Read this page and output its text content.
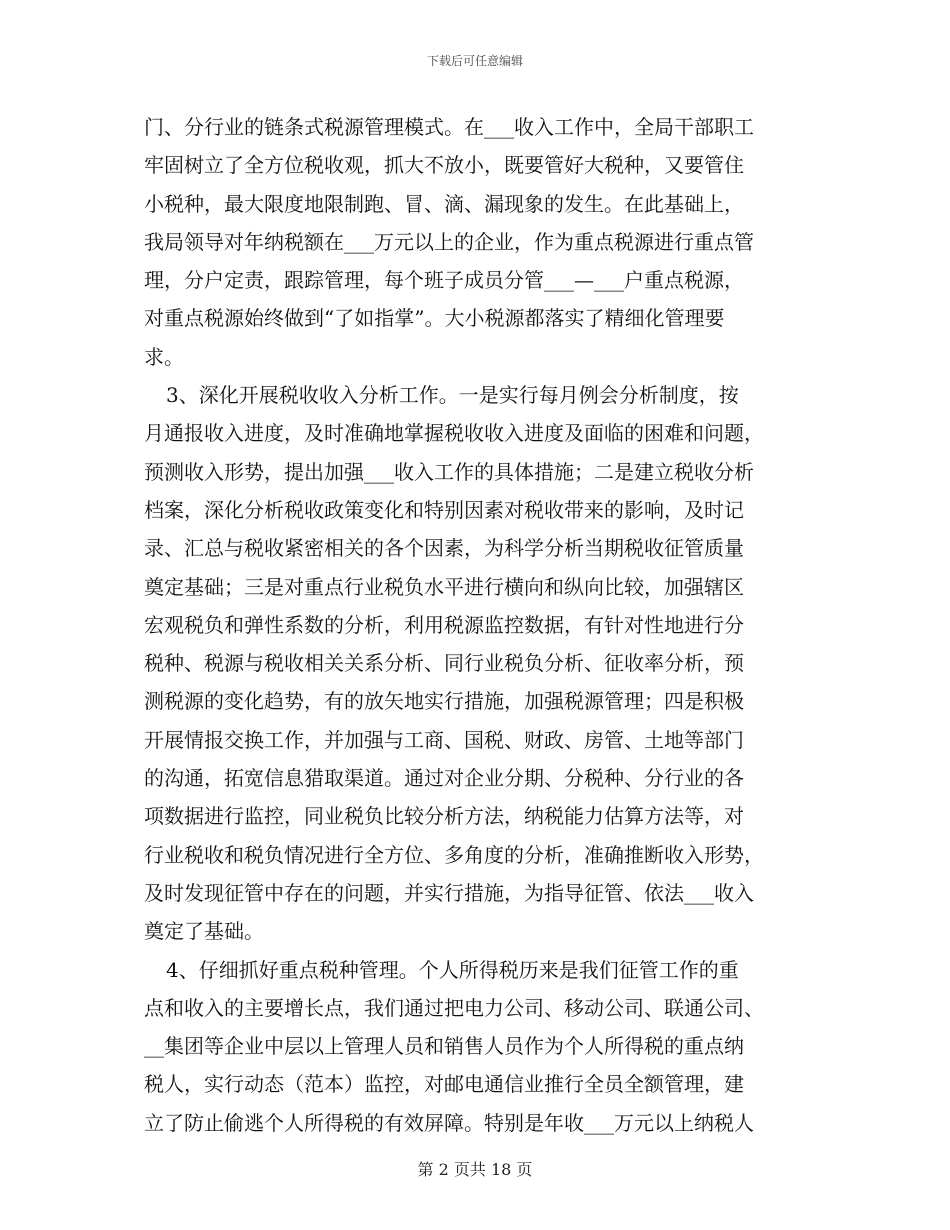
下载后可任意编辑
门、分行业的链条式税源管理模式。在___收入工作中，全局干部职工
牢固树立了全方位税收观，抓大不放小，既要管好大税种，又要管住
小税种，最大限度地限制跑、冒、滴、漏现象的发生。在此基础上，
我局领导对年纳税额在___万元以上的企业，作为重点税源进行重点管
理，分户定责，跟踪管理，每个班子成员分管___—___户重点税源，
对重点税源始终做到“了如指掌”。大小税源都落实了精细化管理要
求。
3、深化开展税收收入分析工作。一是实行每月例会分析制度，按
月通报收入进度，及时准确地掌握税收收入进度及面临的困难和问题，
预测收入形势，提出加强___收入工作的具体措施；二是建立税收分析
档案，深化分析税收政策变化和特别因素对税收带来的影响，及时记
录、汇总与税收紧密相关的各个因素，为科学分析当期税收征管质量
奠定基础；三是对重点行业税负水平进行横向和纵向比较，加强辖区
宏观税负和弹性系数的分析，利用税源监控数据，有针对性地进行分
税种、税源与税收相关关系分析、同行业税负分析、征收率分析，预
测税源的变化趋势，有的放矢地实行措施，加强税源管理；四是积极
开展情报交换工作，并加强与工商、国税、财政、房管、土地等部门
的沟通，拓宽信息猎取渠道。通过对企业分期、分税种、分行业的各
项数据进行监控，同业税负比较分析方法，纳税能力估算方法等，对
行业税收和税负情况进行全方位、多角度的分析，准确推断收入形势，
及时发现征管中存在的问题，并实行措施，为指导征管、依法___收入
奠定了基础。
4、仔细抓好重点税种管理。个人所得税历来是我们征管工作的重
点和收入的主要增长点，我们通过把电力公司、移动公司、联通公司、
__集团等企业中层以上管理人员和销售人员作为个人所得税的重点纳
税人，实行动态（范本）监控，对邮电通信业推行全员全额管理，建
立了防止偷逃个人所得税的有效屏障。特别是年收___万元以上纳税人
第 2 页共 18 页
